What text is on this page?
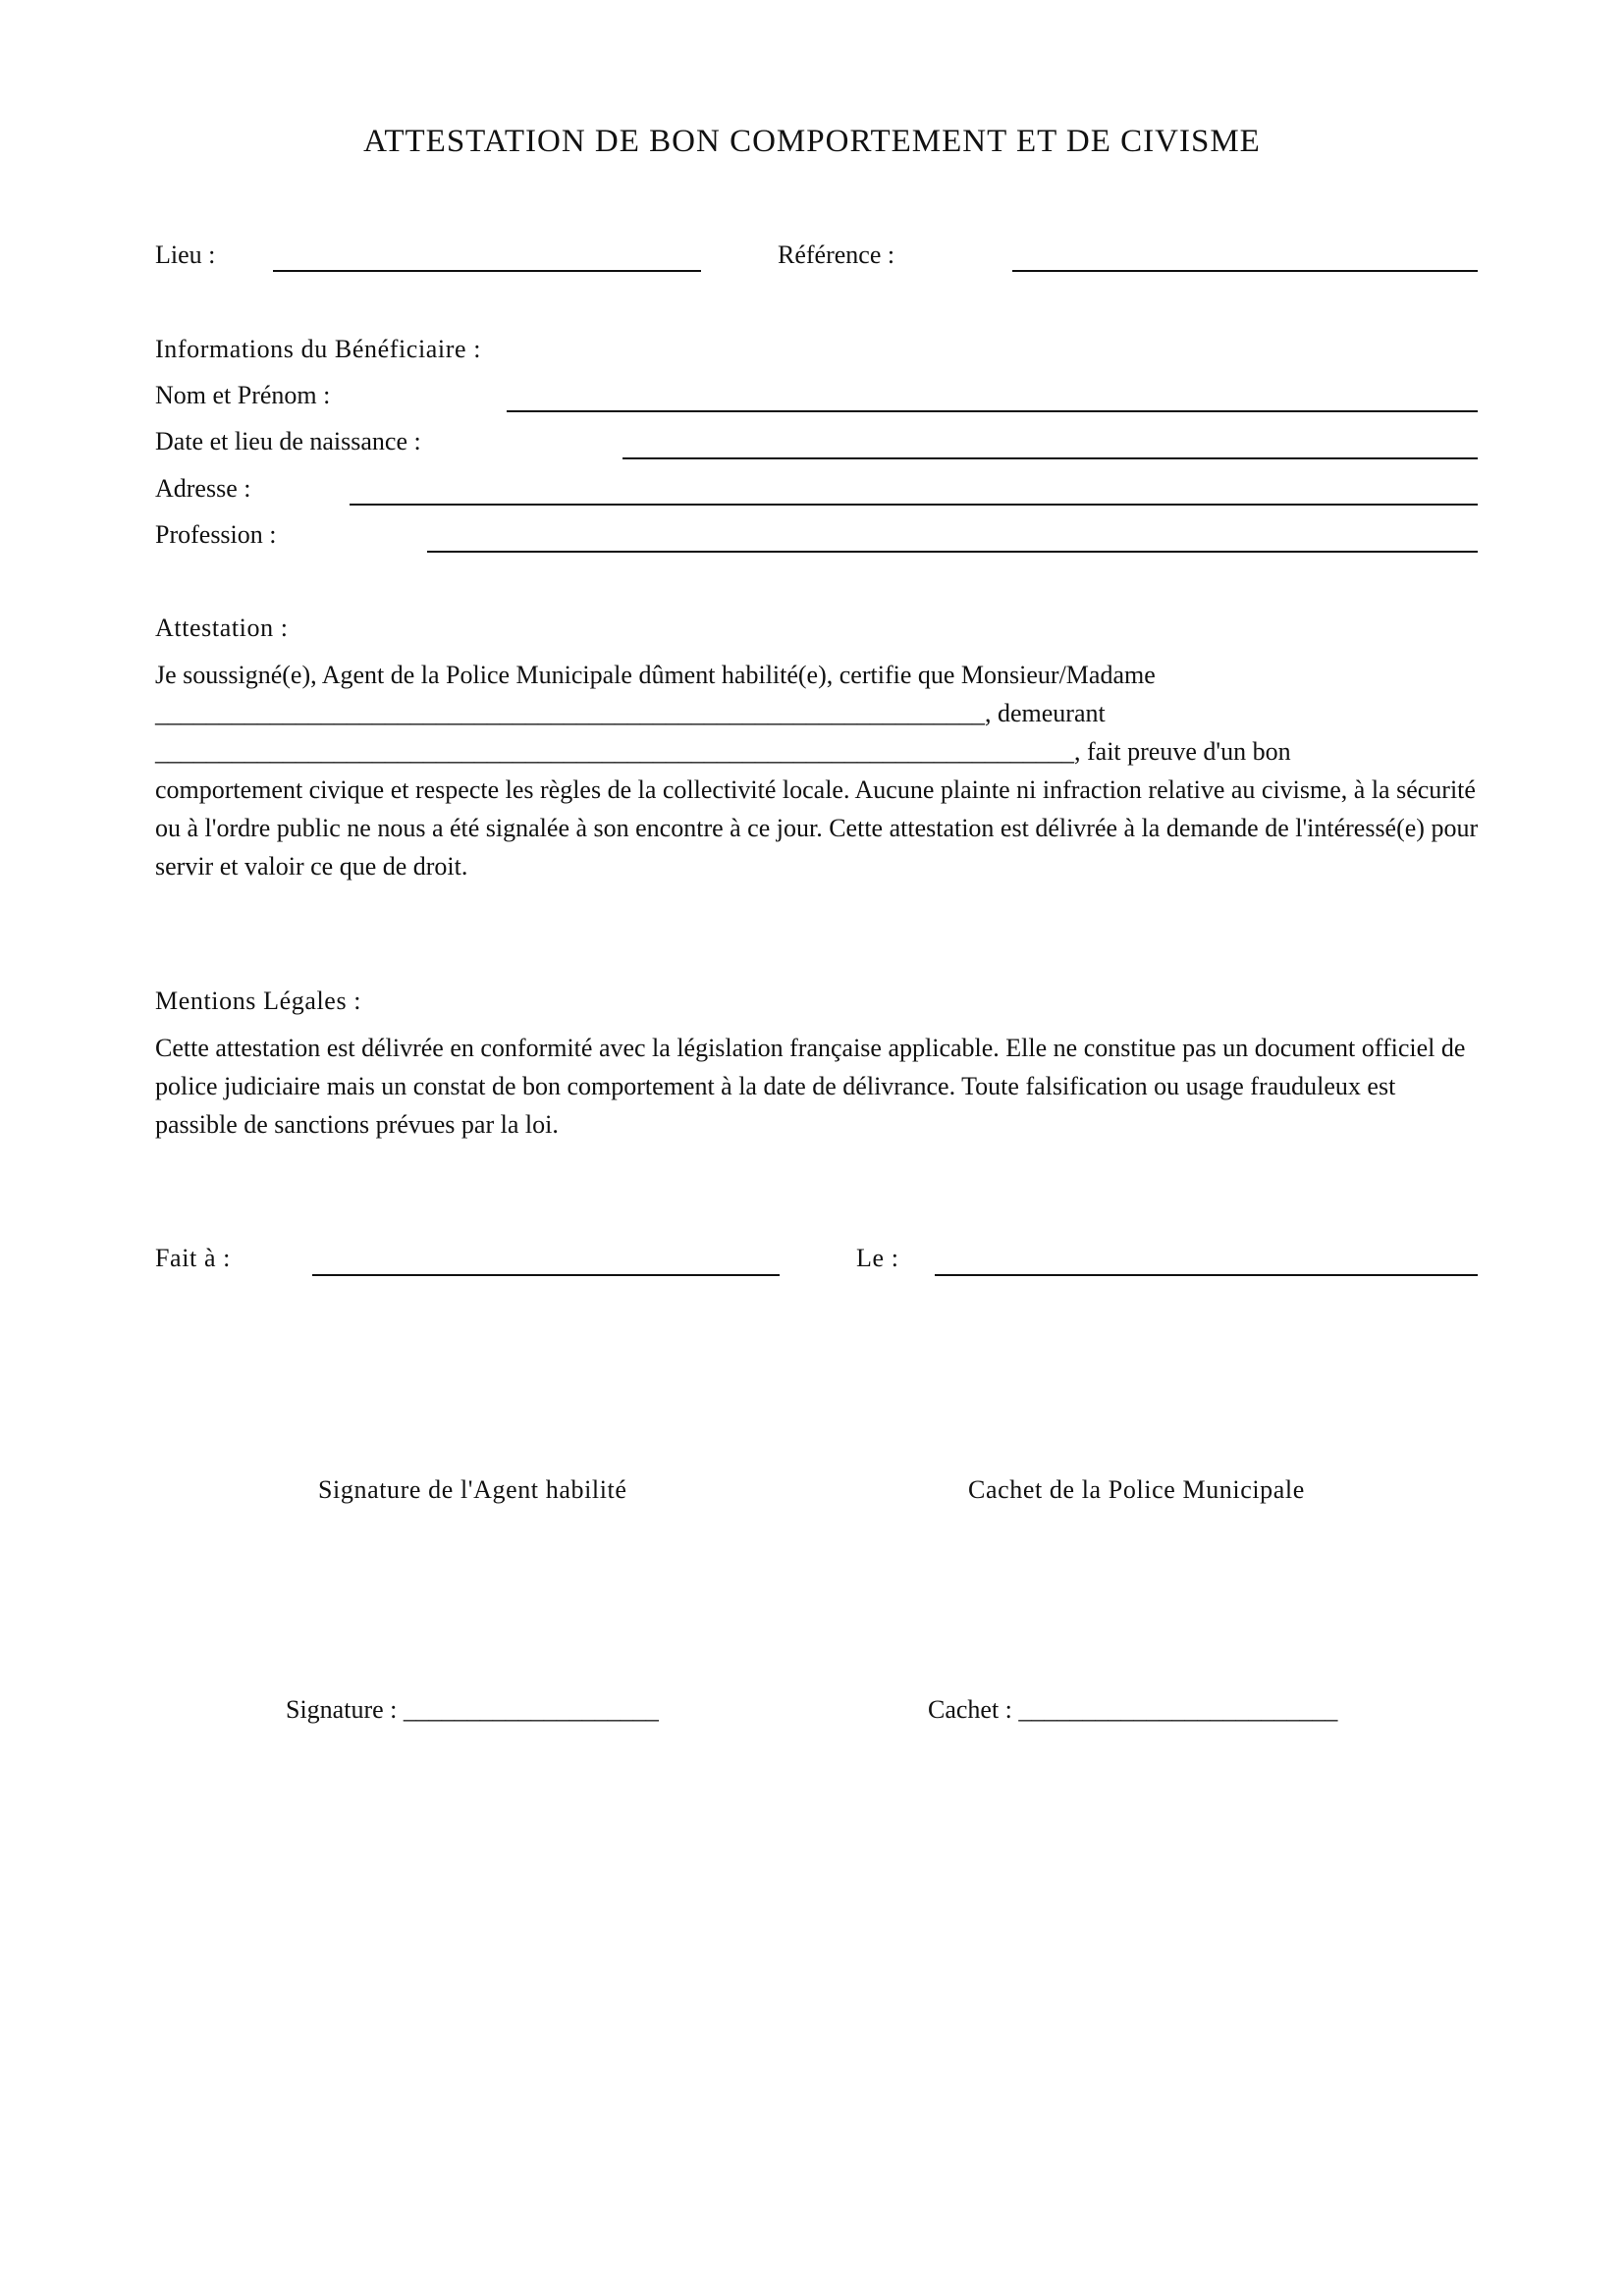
ATTESTATION DE BON COMPORTEMENT ET DE CIVISME
Lieu :	Référence :
Informations du Bénéficiaire :
Nom et Prénom :
Date et lieu de naissance :
Adresse :
Profession :
Attestation :
Je soussigné(e), Agent de la Police Municipale dûment habilité(e), certifie que Monsieur/Madame
_________________________________________________________________, demeurant
________________________________________________________________________, fait preuve d'un bon
comportement civique et respecte les règles de la collectivité locale. Aucune plainte ni infraction relative au civisme, à la sécurité ou à l'ordre public ne nous a été signalée à son encontre à ce jour. Cette attestation est délivrée à la demande de l'intéressé(e) pour servir et valoir ce que de droit.
Mentions Légales :
Cette attestation est délivrée en conformité avec la législation française applicable. Elle ne constitue pas un document officiel de police judiciaire mais un constat de bon comportement à la date de délivrance. Toute falsification ou usage frauduleux est passible de sanctions prévues par la loi.
Fait à :	Le :
Signature de l'Agent habilité	Cachet de la Police Municipale
Signature : ____________________	Cachet : _________________________
